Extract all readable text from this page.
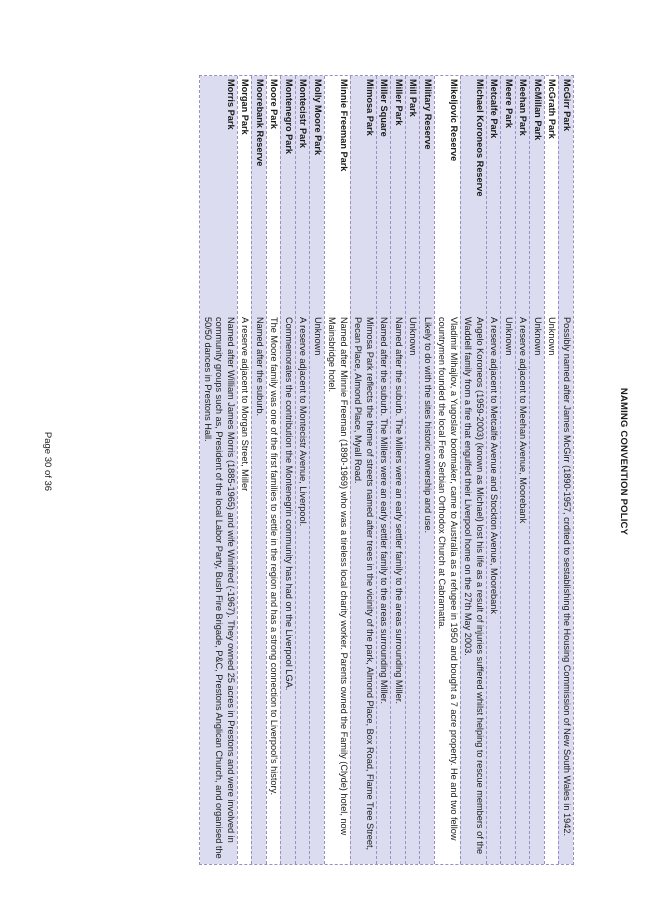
NAMING CONVENTION POLICY
McGirr Park
Possibly named after James McGirr (1890-1957, crdited to sestablishing the Housing Commission of New South Wales in 1942.
McGrath Park
Unknown
McMillan Park
Unknown
Meehan Park
A reserve adjacent to Meehan Avenue, Moorebank
Meere Park
Unknown
Metcalfe Park
A reserve adjacent to Metcalfe Avenue and Stockton Avenue, Moorebank
Michael Koroneos Reserve
Angelo Koroneos (1959-2003) (known as Michael) lost his life as a result of injuries suffered whilst helping to rescue members of the Waddell family from a fire that engulfed their Liverpool home on the 27th May 2003.
Mikeljovic Reserve
Vladimir Mihajlov, a Yugoslav bootmaker, came to Australia as a refugee in 1950 and bought a 7 acre property. He and two fellow countrymen founded the local Free Serbian Orthodox Church at Cabramatta.
Military Reserve
Likely to do with the sites historic ownership and use.
Mill Park
Unknown
Miller Park
Named after the suburb. The Millers were an early settler family to the areas surrounding Miller.
Miller Square
Named after the suburb. The Millers were an early settler family to the areas surrounding Miller.
Mimosa Park
Mimosa Park reflects the theme of streets named after trees in the vicinity of the park, Almond Place, Box Road, Flame Tree Street, Pecan Place, Almond Place, Myall Road.
Minnie Freeman Park
Named after Minnie Freeman (1890-1969) who was a tireless local charity worker. Parents owned the Family (Clyde) hotel, now Mainsbridge hotel.
Molly Moore Park
Unknown
Montecistr Park
A reserve adjacent to Montecistr Avenue, Liverpool.
Montenegro Park
Commemorates the contribution the Montenegrin community has had on the Liverpool LGA.
Moore Park
The Moore family was one of the first families to settle in the region and has a strong connection to Liverpool's history.
Moorebank Reserve
Named after the suburb.
Morgan Park
A reserve adjacent to Morgan Street, Miller
Morris Park
Named after William James Morris (1885-1965) and wife Winifred (-1967). They owned 25 acres in Prestons and were involved in community groups such as, President of the local Labor Party, Bush Fire Brigade, P&C, Prestons Anglican Church, and organised the 50/50 dances in Prestons Hall.
Page 30 of 36
